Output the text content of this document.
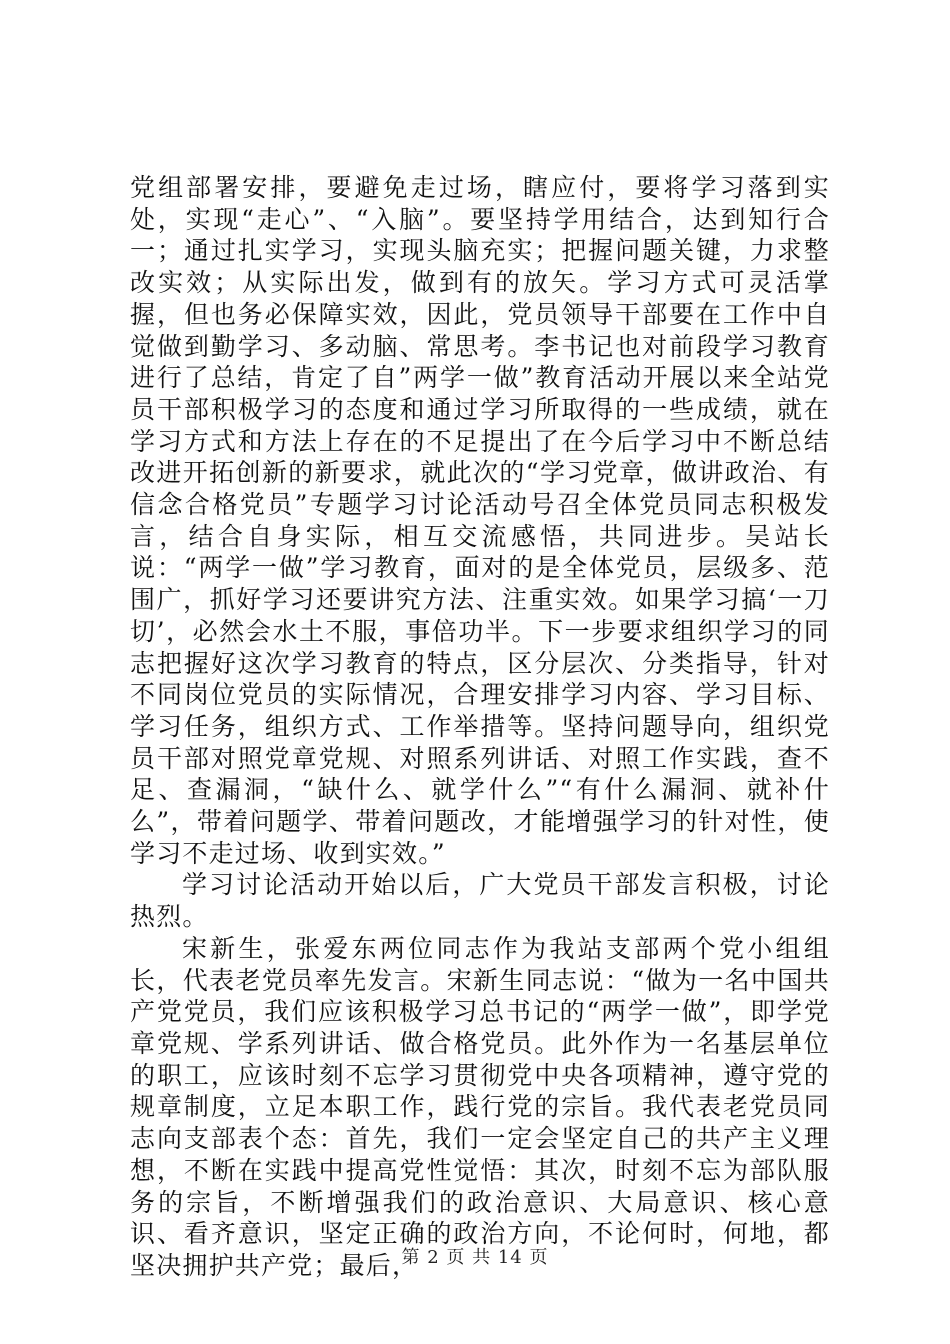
党组部署安排，要避免走过场，瞎应付，要将学习落到实处，实现“走心”、“入脑”。要坚持学用结合，达到知行合一；通过扎实学习，实现头脑充实；把握问题关键，力求整改实效；从实际出发，做到有的放矢。学习方式可灵活掌握，但也务必保障实效，因此，党员领导干部要在工作中自觉做到勤学习、多动脑、常思考。李书记也对前段学习教育进行了总结，肯定了自”两学一做”教育活动开展以来全站党员干部积极学习的态度和通过学习所取得的一些成绩，就在学习方式和方法上存在的不足提出了在今后学习中不断总结改进开拓创新的新要求，就此次的“学习党章，做讲政治、有信念合格党员”专题学习讨论活动号召全体党员同志积极发言，结合自身实际，相互交流感悟，共同进步。吴站长说：“两学一做”学习教育，面对的是全体党员，层级多、范围广，抓好学习还要讲究方法、注重实效。如果学习搞‘一刀切’，必然会水土不服，事倍功半。下一步要求组织学习的同志把握好这次学习教育的特点，区分层次、分类指导，针对不同岗位党员的实际情况，合理安排学习内容、学习目标、学习任务，组织方式、工作举措等。坚持问题导向，组织党员干部对照党章党规、对照系列讲话、对照工作实践，查不足、查漏洞，“缺什么、就学什么”“有什么漏洞、就补什么”，带着问题学、带着问题改，才能增强学习的针对性，使学习不走过场、收到实效。”

学习讨论活动开始以后，广大党员干部发言积极，讨论热烈。

宋新生，张爱东两位同志作为我站支部两个党小组组长，代表老党员率先发言。宋新生同志说：“做为一名中国共产党党员，我们应该积极学习总书记的“两学一做”，即学党章党规、学系列讲话、做合格党员。此外作为一名基层单位的职工，应该时刻不忘学习贯彻党中央各项精神，遵守党的规章制度，立足本职工作，践行党的宗旨。我代表老党员同志向支部表个态：首先，我们一定会坚定自己的共产主义理想，不断在实践中提高党性觉悟：其次，时刻不忘为部队服务的宗旨，不断增强我们的政治意识、大局意识、核心意识、看齐意识，坚定正确的政治方向，不论何时，何地，都坚决拥护共产党；最后，

第 2 页 共 14 页
